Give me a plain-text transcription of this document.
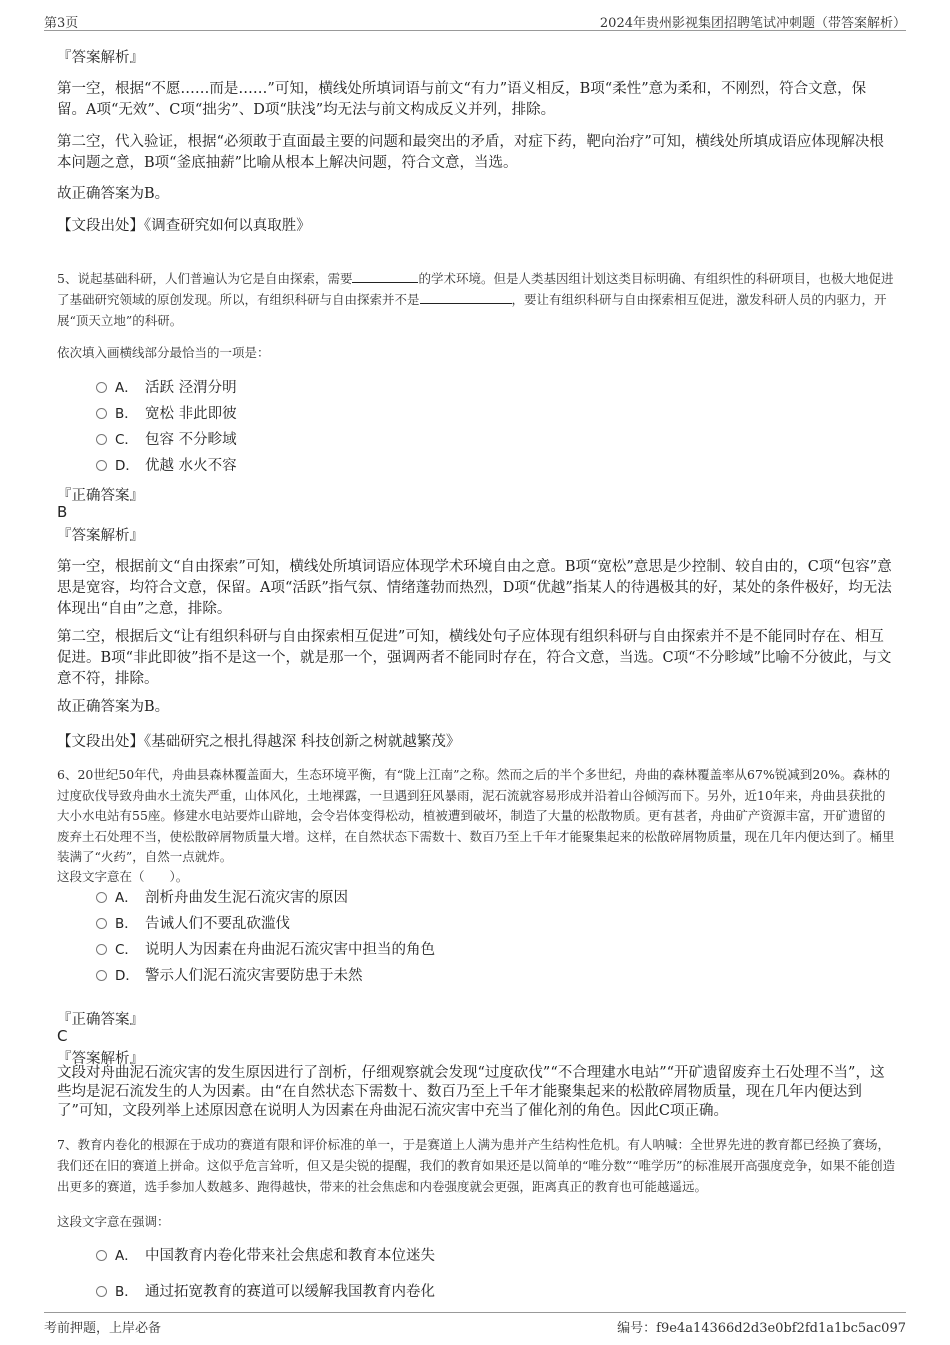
第3页	2024年贵州影视集团招聘笔试冲刺题（带答案解析）
『答案解析』
第一空，根据“不愿……而是……”可知，横线处所填词语与前文“有力”语义相反，B项“柔性”意为柔和，不刚烈，符合文意，保留。A项“无效”、C项“拙劣”、D项“肤浅”均无法与前文构成反义并列，排除。
第二空，代入验证，根据“必须敢于直面最主要的问题和最突出的矛盾，对症下药，靶向治疗”可知，横线处所填成语应体现解决根本问题之意，B项“釜底抽薪”比喻从根本上解决问题，符合文意，当选。
故正确答案为B。
【文段出处】《调查研究如何以真取胜》
5、说起基础科研，人们普遍认为它是自由探索，需要	的学术环境。但是人类基因组计划这类目标明确、有组织性的科研项目，也极大地促进了基础研究领域的原创发现。所以，有组织科研与自由探索并不是	，要让有组织科研与自由探索相互促进，激发科研人员的内驱力，开展“顶天立地”的科研。
依次填入画横线部分最恰当的一项是：
A． 活跃 泾渭分明
B． 宽松 非此即彼
C． 包容 不分畛域
D． 优越 水火不容
『正确答案』
B
『答案解析』
第一空，根据前文“自由探索”可知，横线处所填词语应体现学术环境自由之意。B项“宽松”意思是少控制、较自由的，C项“包容”意思是宽容，均符合文意，保留。A项“活跃”指气氛、情绪蓬勃而热烈，D项“优越”指某人的待遇极其的好，某处的条件极好，均无法体现出“自由”之意，排除。
第二空，根据后文“让有组织科研与自由探索相互促进”可知，横线处句子应体现有组织科研与自由探索并不是不能同时存在、相互促进。B项“非此即彼”指不是这一个，就是那一个，强调两者不能同时存在，符合文意，当选。C项“不分畛域”比喻不分彼此，与文意不符，排除。
故正确答案为B。
【文段出处】《基础研究之根扎得越深 科技创新之树就越繁茂》
6、20世纪50年代，舟曲县森林覆盖面大，生态环境平衡，有“陇上江南”之称。然而之后的半个多世纪，舟曲的森林覆盖率从67%锐减到20%。森林的过度砍伐导致舟曲水土流失严重，山体风化，土地裸露，一旦遇到狂风暴雨，泥石流就容易形成并沿着山谷倾泻而下。另外，近10年来，舟曲县获批的大小水电站有55座。修建水电站要炸山辟地，会令岩体变得松动，植被遭到破坏，制造了大量的松散物质。更有甚者，舟曲矿产资源丰富，开矿遗留的废弃土石处理不当，使松散碎屑物质量大增。这样，在自然状态下需数十、数百乃至上千年才能聚集起来的松散碎屑物质量，现在几年内便达到了。桶里装满了“火药”，自然一点就炸。
这段文字意在（　　）。
A． 剖析舟曲发生泥石流灾害的原因
B． 告诫人们不要乱砍滥伐
C． 说明人为因素在舟曲泥石流灾害中担当的角色
D． 警示人们泥石流灾害要防患于未然
『正确答案』
C
『答案解析』
文段对舟曲泥石流灾害的发生原因进行了剖析，仔细观察就会发现“过度砍伐”“不合理建水电站”“开矿遗留废弃土石处理不当”，这些均是泥石流发生的人为因素。由“在自然状态下需数十、数百乃至上千年才能聚集起来的松散碎屑物质量，现在几年内便达到了”可知，文段列举上述原因意在说明人为因素在舟曲泥石流灾害中充当了催化剂的角色。因此C项正确。
7、教育内卷化的根源在于成功的赛道有限和评价标准的单一，于是赛道上人满为患并产生结构性危机。有人呐喊：全世界先进的教育都已经换了赛场，我们还在旧的赛道上拼命。这似乎危言耸听，但又是尖锐的提醒，我们的教育如果还是以简单的“唯分数”“唯学历”的标准展开高强度竞争，如果不能创造出更多的赛道，选手参加人数越多、跑得越快，带来的社会焦虑和内卷强度就会更强，距离真正的教育也可能越遥远。
这段文字意在强调：
A． 中国教育内卷化带来社会焦虑和教育本位迷失
B． 通过拓宽教育的赛道可以缓解我国教育内卷化
考前押题，上岸必备	编号：f9e4a14366d2d3e0bf2fd1a1bc5ac097
